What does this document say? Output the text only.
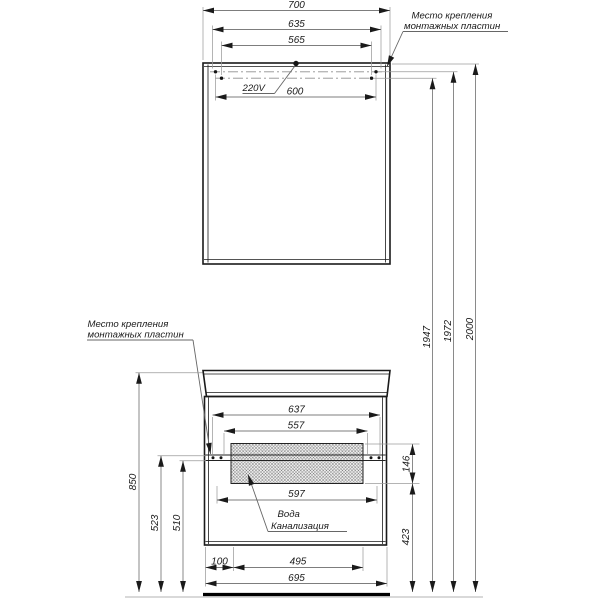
700
635
565
600
220V
Место крепления
монтажных пластин
1947 1972 2000
637
557
597
Вода
Канализация
Место крепления
монтажных пластин
850
523 510
146
423
100	495
695
